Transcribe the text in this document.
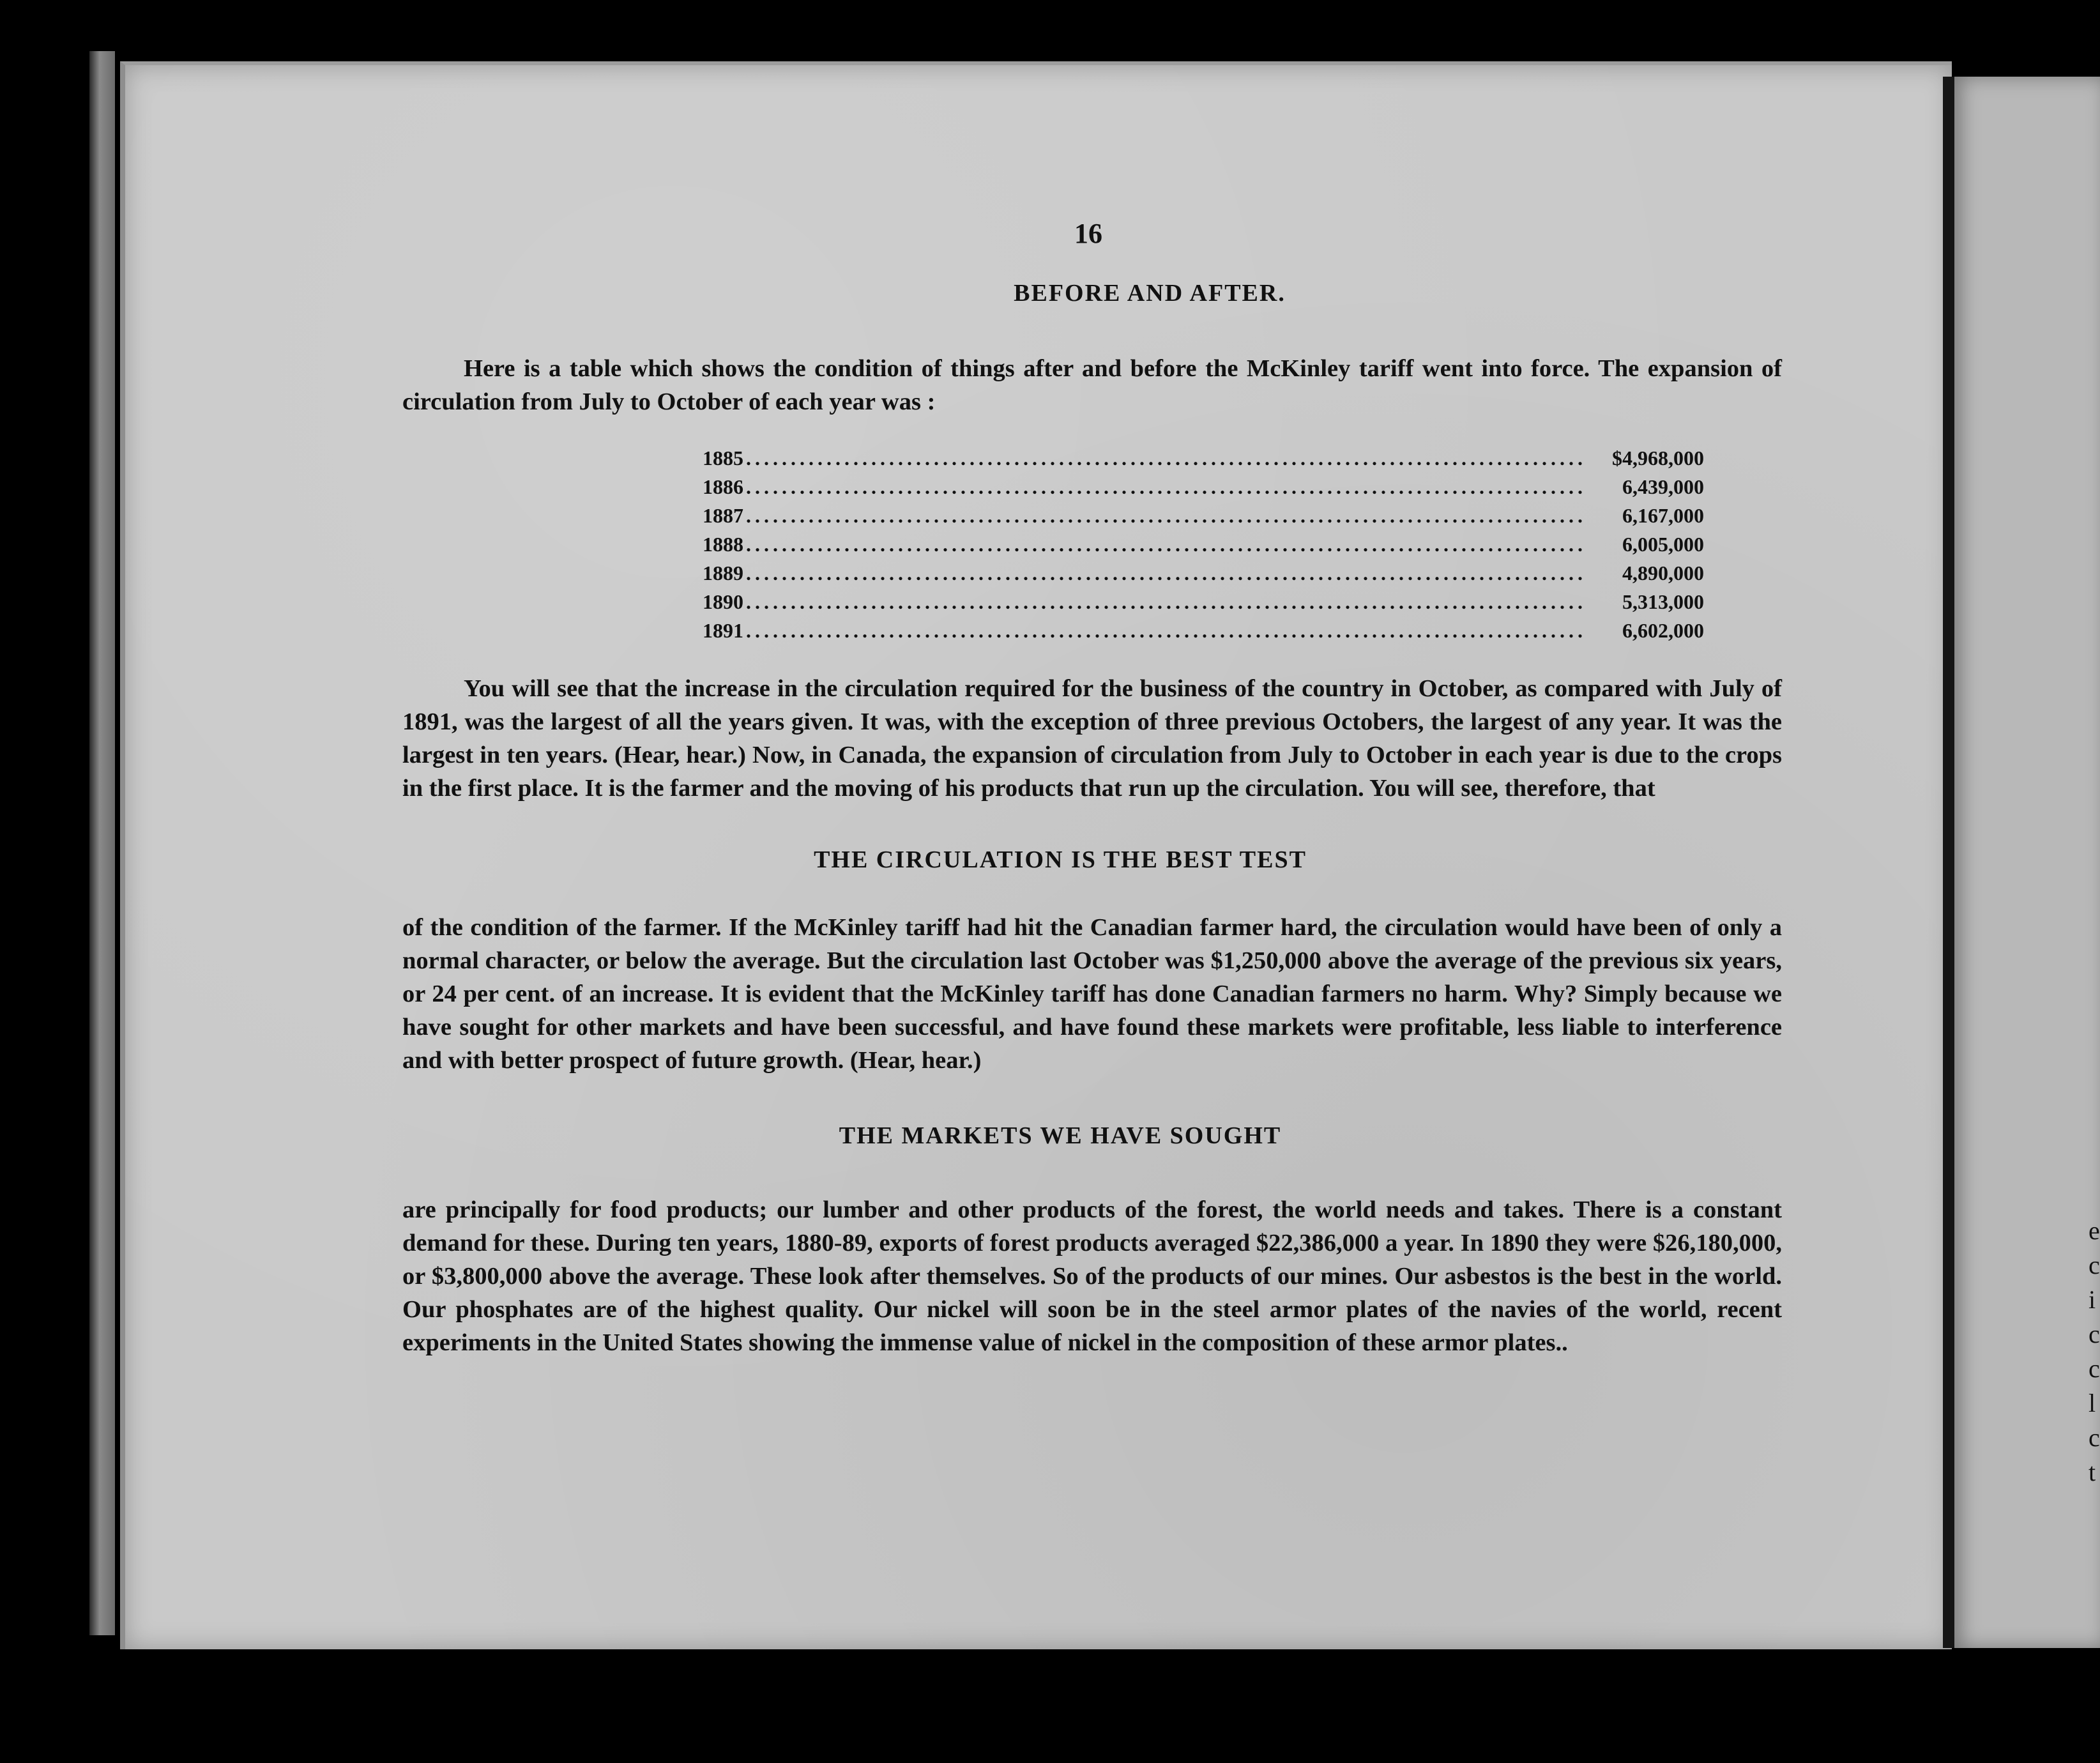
e
c
i
c
c
l
c
t
16
BEFORE AND AFTER.

Here is a table which shows the condition of things after and before the McKinley tariff went into force. The expansion of circulation from July to October of each year was :

1885 ..............................................................................................	$4,968,000
1886 ..............................................................................................	6,439,000
1887 ..............................................................................................	6,167,000
1888 ..............................................................................................	6,005,000
1889 ..............................................................................................	4,890,000
1890 ..............................................................................................	5,313,000
1891 ..............................................................................................	6,602,000

You will see that the increase in the circulation required for the business of the country in October, as compared with July of 1891, was the largest of all the years given. It was, with the exception of three previous Octobers, the largest of any year. It was the largest in ten years. (Hear, hear.) Now, in Canada, the expansion of circulation from July to October in each year is due to the crops in the first place. It is the farmer and the moving of his products that run up the circulation. You will see, therefore, that

THE CIRCULATION IS THE BEST TEST

of the condition of the farmer. If the McKinley tariff had hit the Canadian farmer hard, the circulation would have been of only a normal character, or below the average. But the circulation last October was $1,250,000 above the average of the previous six years, or 24 per cent. of an increase. It is evident that the McKinley tariff has done Canadian farmers no harm. Why? Simply because we have sought for other markets and have been successful, and have found these markets were profitable, less liable to interference and with better prospect of future growth. (Hear, hear.)

THE MARKETS WE HAVE SOUGHT

are principally for food products; our lumber and other products of the forest, the world needs and takes. There is a constant demand for these. During ten years, 1880-89, exports of forest products averaged $22,386,000 a year. In 1890 they were $26,180,000, or $3,800,000 above the average. These look after themselves. So of the products of our mines. Our asbestos is the best in the world. Our phosphates are of the highest quality. Our nickel will soon be in the steel armor plates of the navies of the world, recent experiments in the United States showing the immense value of nickel in the composition of these armor plates..
